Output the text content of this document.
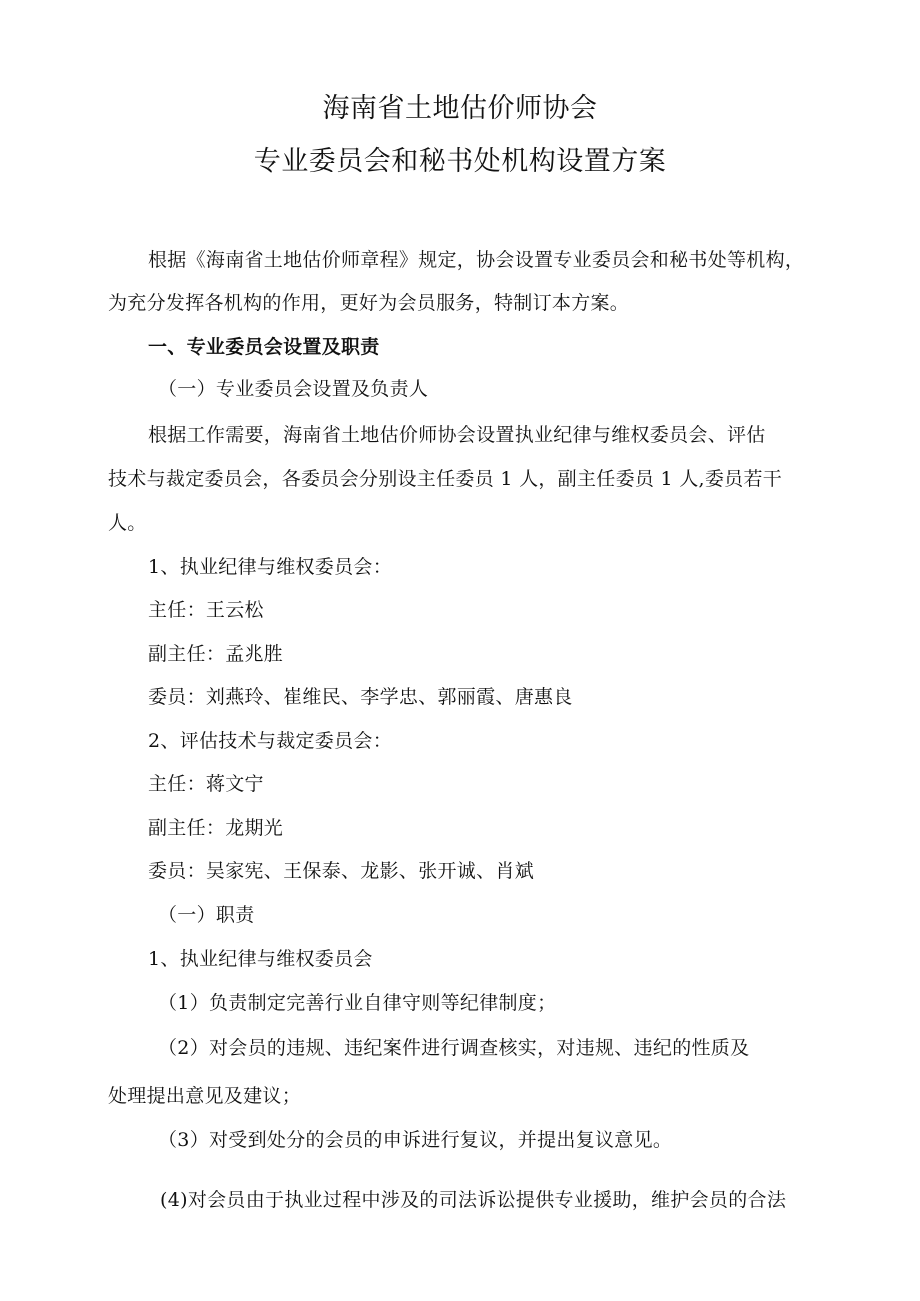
海南省土地估价师协会
专业委员会和秘书处机构设置方案
根据《海南省土地估价师章程》规定，协会设置专业委员会和秘书处等机构，
为充分发挥各机构的作用，更好为会员服务，特制订本方案。
一、专业委员会设置及职责
（一）专业委员会设置及负责人
根据工作需要，海南省土地估价师协会设置执业纪律与维权委员会、评估
技术与裁定委员会，各委员会分别设主任委员 1 人，副主任委员 1 人,委员若干
人。
1、执业纪律与维权委员会：
主任：王云松
副主任：孟兆胜
委员：刘燕玲、崔维民、李学忠、郭丽霞、唐惠良
2、评估技术与裁定委员会：
主任：蒋文宁
副主任：龙期光
委员：吴家宪、王保泰、龙影、张开诚、肖斌
（一）职责
1、执业纪律与维权委员会
（1）负责制定完善行业自律守则等纪律制度；
（2）对会员的违规、违纪案件进行调查核实，对违规、违纪的性质及
处理提出意见及建议；
（3）对受到处分的会员的申诉进行复议，并提出复议意见。
(4)对会员由于执业过程中涉及的司法诉讼提供专业援助，维护会员的合法
